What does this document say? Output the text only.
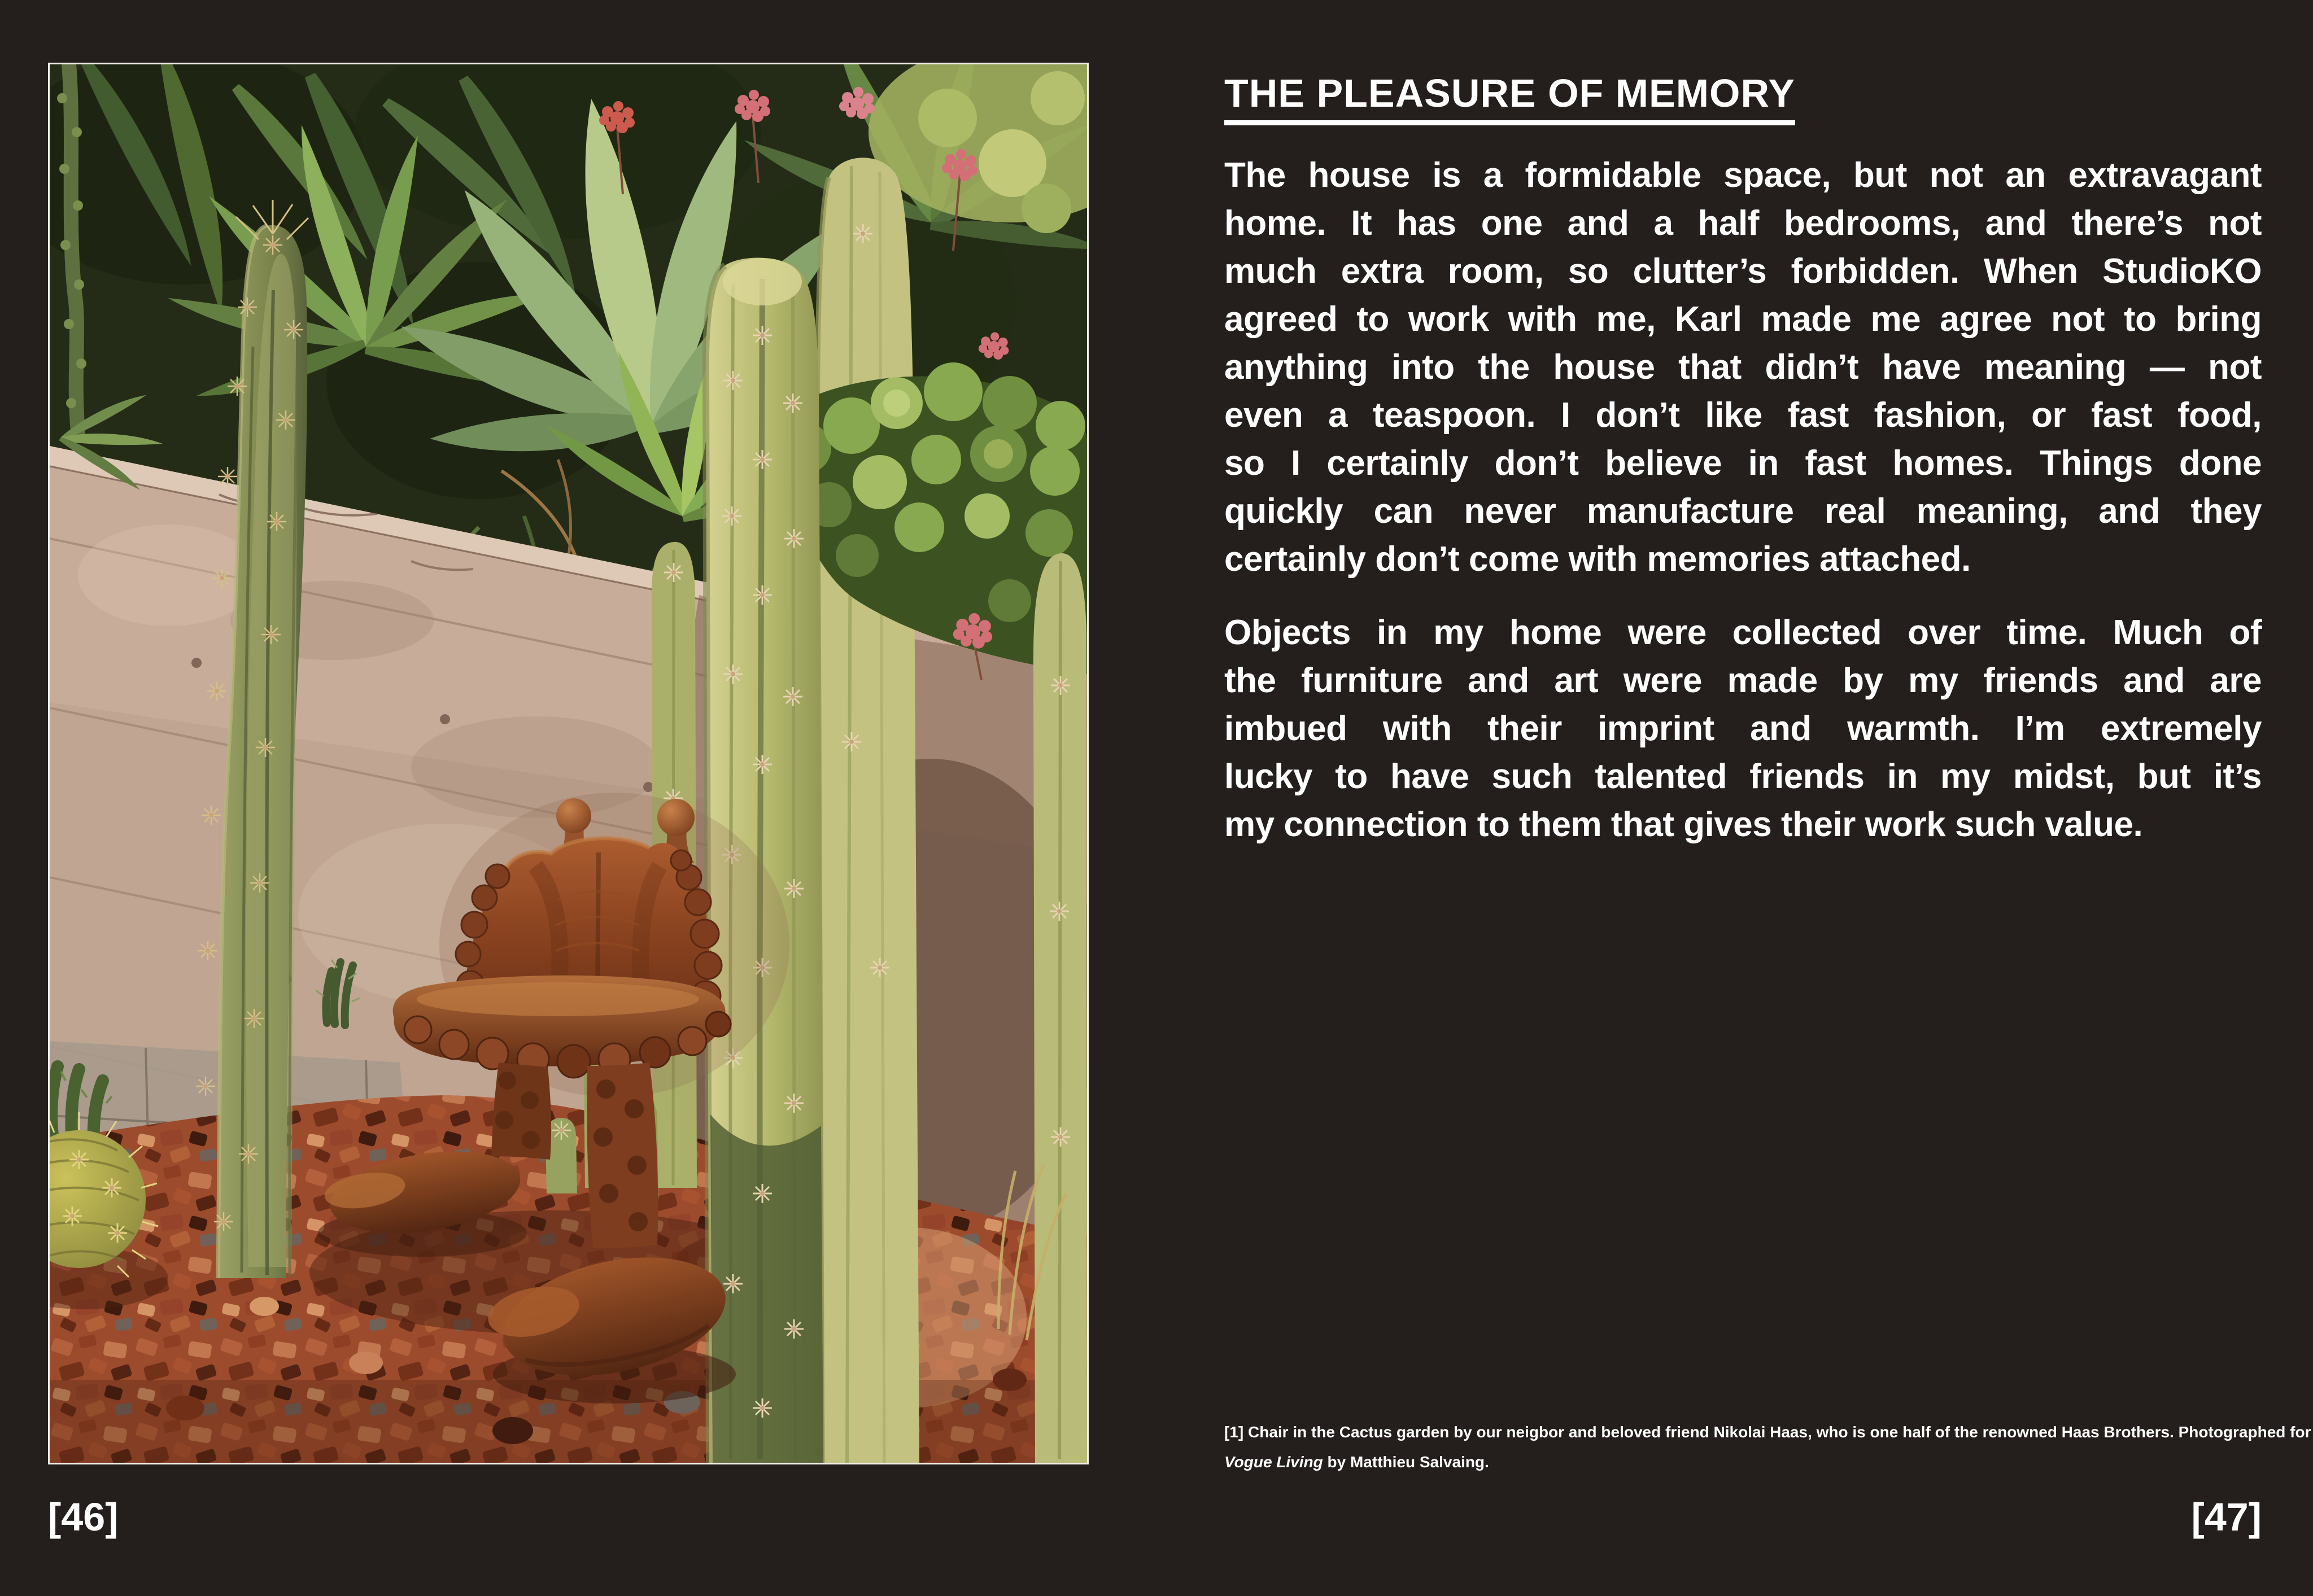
THE PLEASURE OF MEMORY
The house is a formidable space, but not an extravagant
home. It has one and a half bedrooms, and there’s not
much extra room, so clutter’s forbidden. When StudioKO
agreed to work with me, Karl made me agree not to bring
anything into the house that didn’t have meaning — not
even a teaspoon. I don’t like fast fashion, or fast food,
so I certainly don’t believe in fast homes. Things done
quickly can never manufacture real meaning, and they
certainly don’t come with memories attached.
Objects in my home were collected over time. Much of
the furniture and art were made by my friends and are
imbued with their imprint and warmth. I’m extremely
lucky to have such talented friends in my midst, but it’s
my connection to them that gives their work such value.
[1] Chair in the Cactus garden by our neigbor and beloved friend Nikolai Haas, who is one half of the renowned Haas Brothers. Photographed for
Vogue Living by Matthieu Salvaing.
[46]	[47]
